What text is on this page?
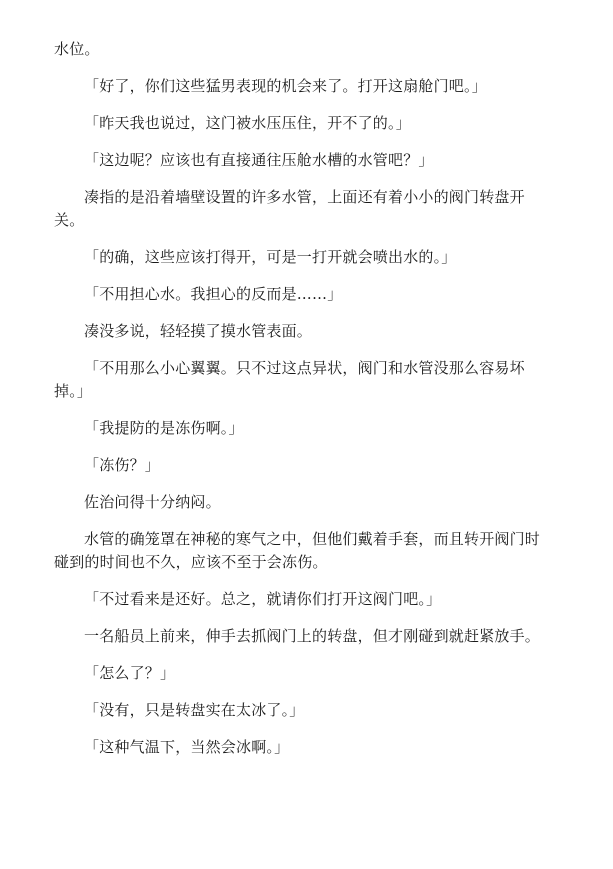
水位。

「好了，你们这些猛男表现的机会来了。打开这扇舱门吧。」

「昨天我也说过，这门被水压压住，开不了的。」

「这边呢？应该也有直接通往压舱水槽的水管吧？」

凑指的是沿着墙壁设置的许多水管，上面还有着小小的阀门转盘开关。

「的确，这些应该打得开，可是一打开就会喷出水的。」

「不用担心水。我担心的反而是……」

凑没多说，轻轻摸了摸水管表面。

「不用那么小心翼翼。只不过这点异状，阀门和水管没那么容易坏掉。」

「我提防的是冻伤啊。」

「冻伤？」

佐治问得十分纳闷。

水管的确笼罩在神秘的寒气之中，但他们戴着手套，而且转开阀门时碰到的时间也不久，应该不至于会冻伤。

「不过看来是还好。总之，就请你们打开这阀门吧。」

一名船员上前来，伸手去抓阀门上的转盘，但才刚碰到就赶紧放手。

「怎么了？」

「没有，只是转盘实在太冰了。」

「这种气温下，当然会冰啊。」
